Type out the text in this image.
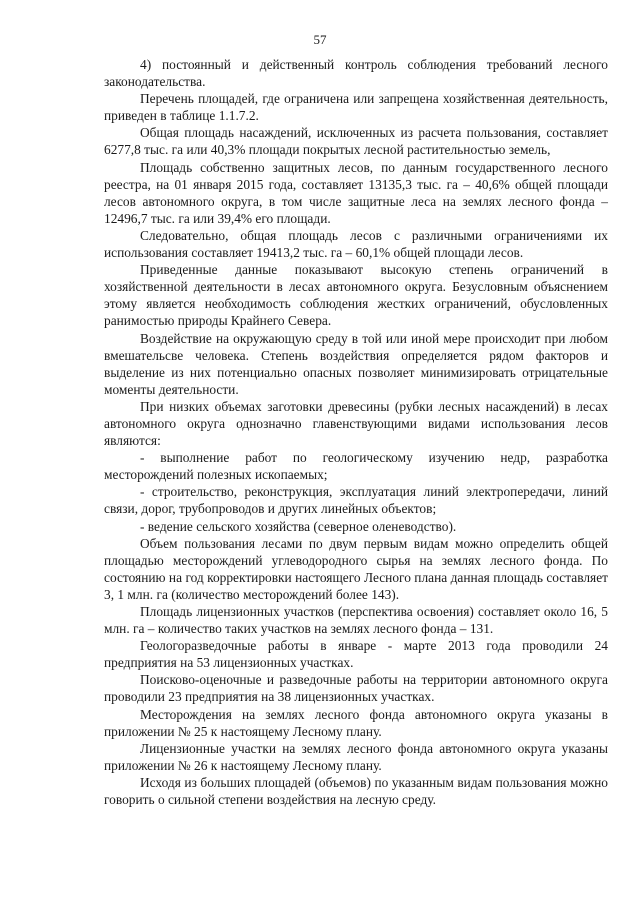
57

4) постоянный и действенный контроль соблюдения требований лесного законодательства.

Перечень площадей, где ограничена или запрещена хозяйственная деятельность, приведен в таблице 1.1.7.2.

Общая площадь насаждений, исключенных из расчета пользования, составляет 6277,8 тыс. га или 40,3% площади покрытых лесной растительностью земель,

Площадь собственно защитных лесов, по данным государственного лесного реестра, на 01 января 2015 года, составляет 13135,3 тыс. га – 40,6% общей площади лесов автономного округа, в том числе защитные леса на землях лесного фонда – 12496,7 тыс. га или 39,4% его площади.

Следовательно, общая площадь лесов с различными ограничениями их использования составляет 19413,2 тыс. га – 60,1% общей площади лесов.

Приведенные данные показывают высокую степень ограничений в хозяйственной деятельности в лесах автономного округа. Безусловным объяснением этому является необходимость соблюдения жестких ограничений, обусловленных ранимостью природы Крайнего Севера.

Воздействие на окружающую среду в той или иной мере происходит при любом вмешательсве человека. Степень воздействия определяется рядом факторов и выделение из них потенциально опасных позволяет минимизировать отрицательные моменты деятельности.

При низких объемах заготовки древесины (рубки лесных насаждений) в лесах автономного округа однозначно главенствующими видами использования лесов являются:

- выполнение работ по геологическому изучению недр, разработка месторождений полезных ископаемых;

- строительство, реконструкция, эксплуатация линий электропередачи, линий связи, дорог, трубопроводов и других линейных объектов;

- ведение сельского хозяйства (северное оленеводство).

Объем пользования лесами по двум первым видам можно определить общей площадью месторождений углеводородного сырья на землях лесного фонда. По состоянию на год корректировки настоящего Лесного плана данная площадь составляет 3, 1 млн. га (количество месторождений более 143).

Площадь лицензионных участков (перспектива освоения) составляет около 16, 5 млн. га – количество таких участков на землях лесного фонда – 131.

Геологоразведочные работы в январе - марте 2013 года проводили 24 предприятия на 53 лицензионных участках.

Поисково-оценочные и разведочные работы на территории автономного округа проводили 23 предприятия на 38 лицензионных участках.

Месторождения на землях лесного фонда автономного округа указаны в приложении № 25 к настоящему Лесному плану.

Лицензионные участки на землях лесного фонда автономного округа указаны приложении № 26 к настоящему Лесному плану.

Исходя из больших площадей (объемов) по указанным видам пользования можно говорить о сильной степени воздействия на лесную среду.
